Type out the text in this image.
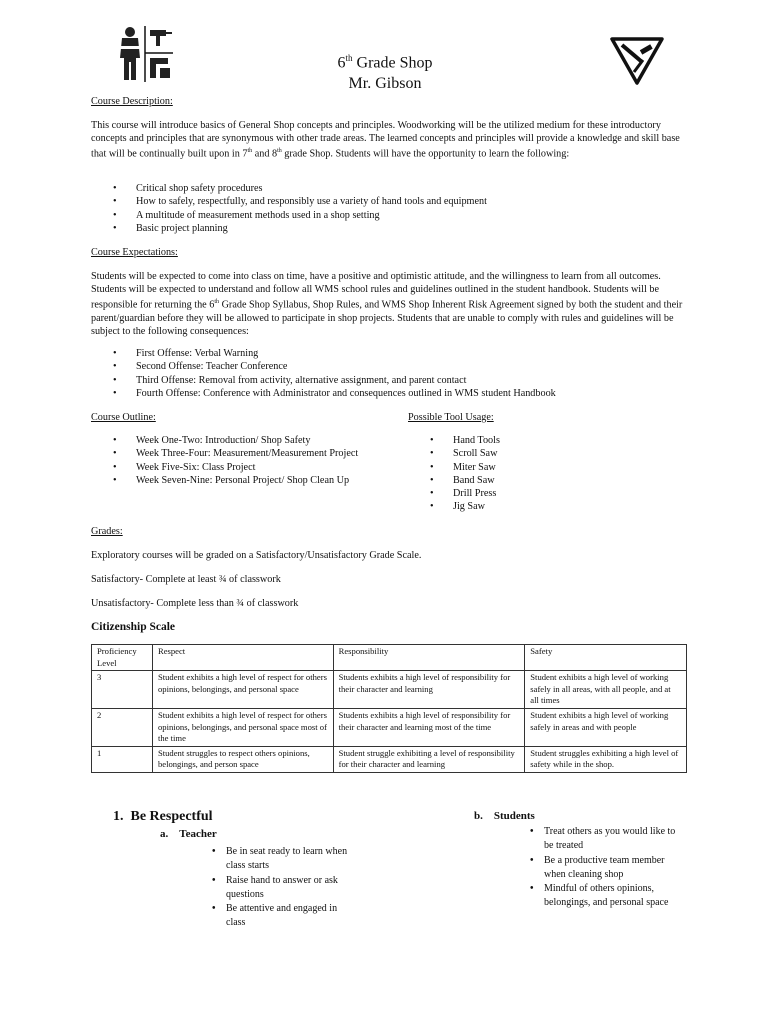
6th Grade Shop
Mr. Gibson
Course Description:
This course will introduce basics of General Shop concepts and principles. Woodworking will be the utilized medium for these introductory concepts and principles that are synonymous with other trade areas. The learned concepts and principles will provide a knowledge and skill base that will be continually built upon in 7th and 8th grade Shop. Students will have the opportunity to learn the following:
• Critical shop safety procedures
• How to safely, respectfully, and responsibly use a variety of hand tools and equipment
• A multitude of measurement methods used in a shop setting
• Basic project planning
Course Expectations:
Students will be expected to come into class on time, have a positive and optimistic attitude, and the willingness to learn from all outcomes. Students will be expected to understand and follow all WMS school rules and guidelines outlined in the student handbook. Students will be responsible for returning the 6th Grade Shop Syllabus, Shop Rules, and WMS Shop Inherent Risk Agreement signed by both the student and their parent/guardian before they will be allowed to participate in shop projects. Students that are unable to comply with rules and guidelines will be subject to the following consequences:
• First Offense: Verbal Warning
• Second Offense: Teacher Conference
• Third Offense: Removal from activity, alternative assignment, and parent contact
• Fourth Offense: Conference with Administrator and consequences outlined in WMS student Handbook
Course Outline:
• Week One-Two: Introduction/ Shop Safety
• Week Three-Four: Measurement/Measurement Project
• Week Five-Six: Class Project
• Week Seven-Nine: Personal Project/ Shop Clean Up
Possible Tool Usage:
• Hand Tools
• Scroll Saw
• Miter Saw
• Band Saw
• Drill Press
• Jig Saw
Grades:
Exploratory courses will be graded on a Satisfactory/Unsatisfactory Grade Scale.
Satisfactory- Complete at least ¾ of classwork
Unsatisfactory- Complete less than ¾ of classwork
Citizenship Scale
Proficiency Level	Respect	Responsibility	Safety
3	Student exhibits a high level of respect for others opinions, belongings, and personal space	Students exhibits a high level of responsibility for their character and learning	Student exhibits a high level of working safely in all areas, with all people, and at all times
2	Student exhibits a high level of respect for others opinions, belongings, and personal space most of the time	Students exhibits a high level of responsibility for their character and learning most of the time	Student exhibits a high level of working safely in areas and with people
1	Student struggles to respect others opinions, belongings, and person space	Student struggle exhibiting a level of responsibility for their character and learning	Student struggles exhibiting a high level of safety while in the shop.
1. Be Respectful
a. Teacher
• Be in seat ready to learn when class starts
• Raise hand to answer or ask questions
• Be attentive and engaged in class
b. Students
• Treat others as you would like to be treated
• Be a productive team member when cleaning shop
• Mindful of others opinions, belongings, and personal space
